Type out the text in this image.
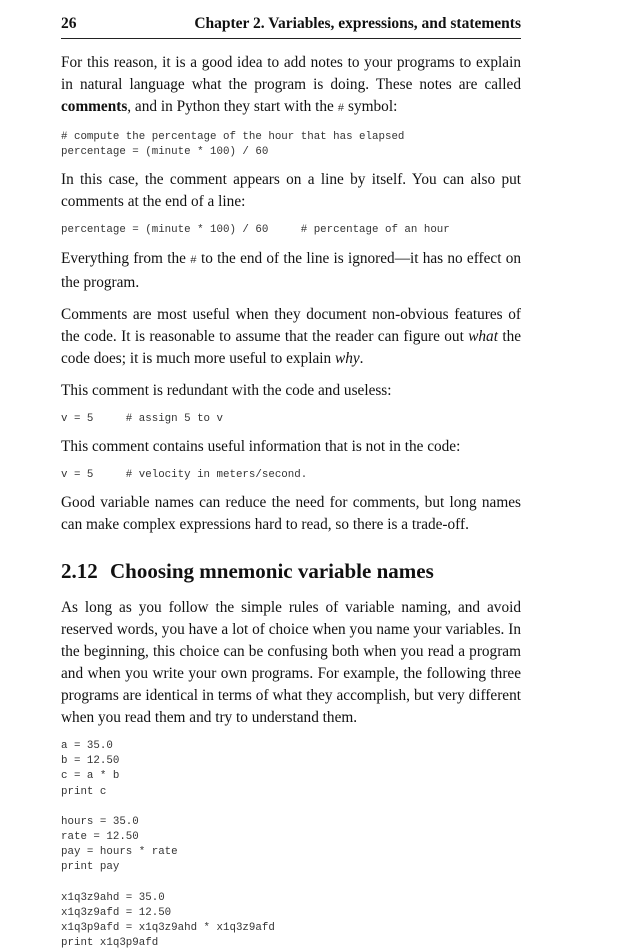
26	Chapter 2. Variables, expressions, and statements

For this reason, it is a good idea to add notes to your programs to explain in natural language what the program is doing. These notes are called comments, and in Python they start with the # symbol:

# compute the percentage of the hour that has elapsed
percentage = (minute * 100) / 60

In this case, the comment appears on a line by itself. You can also put comments at the end of a line:

percentage = (minute * 100) / 60     # percentage of an hour

Everything from the # to the end of the line is ignored—it has no effect on the program.

Comments are most useful when they document non-obvious features of the code. It is reasonable to assume that the reader can figure out what the code does; it is much more useful to explain why.

This comment is redundant with the code and useless:

v = 5     # assign 5 to v

This comment contains useful information that is not in the code:

v = 5     # velocity in meters/second.

Good variable names can reduce the need for comments, but long names can make complex expressions hard to read, so there is a trade-off.

2.12 Choosing mnemonic variable names

As long as you follow the simple rules of variable naming, and avoid reserved words, you have a lot of choice when you name your variables. In the beginning, this choice can be confusing both when you read a program and when you write your own programs. For example, the following three programs are identical in terms of what they accomplish, but very different when you read them and try to understand them.

a = 35.0
b = 12.50
c = a * b
print c
hours = 35.0
rate = 12.50
pay = hours * rate
print pay
x1q3z9ahd = 35.0
x1q3z9afd = 12.50
x1q3p9afd = x1q3z9ahd * x1q3z9afd
print x1q3p9afd
